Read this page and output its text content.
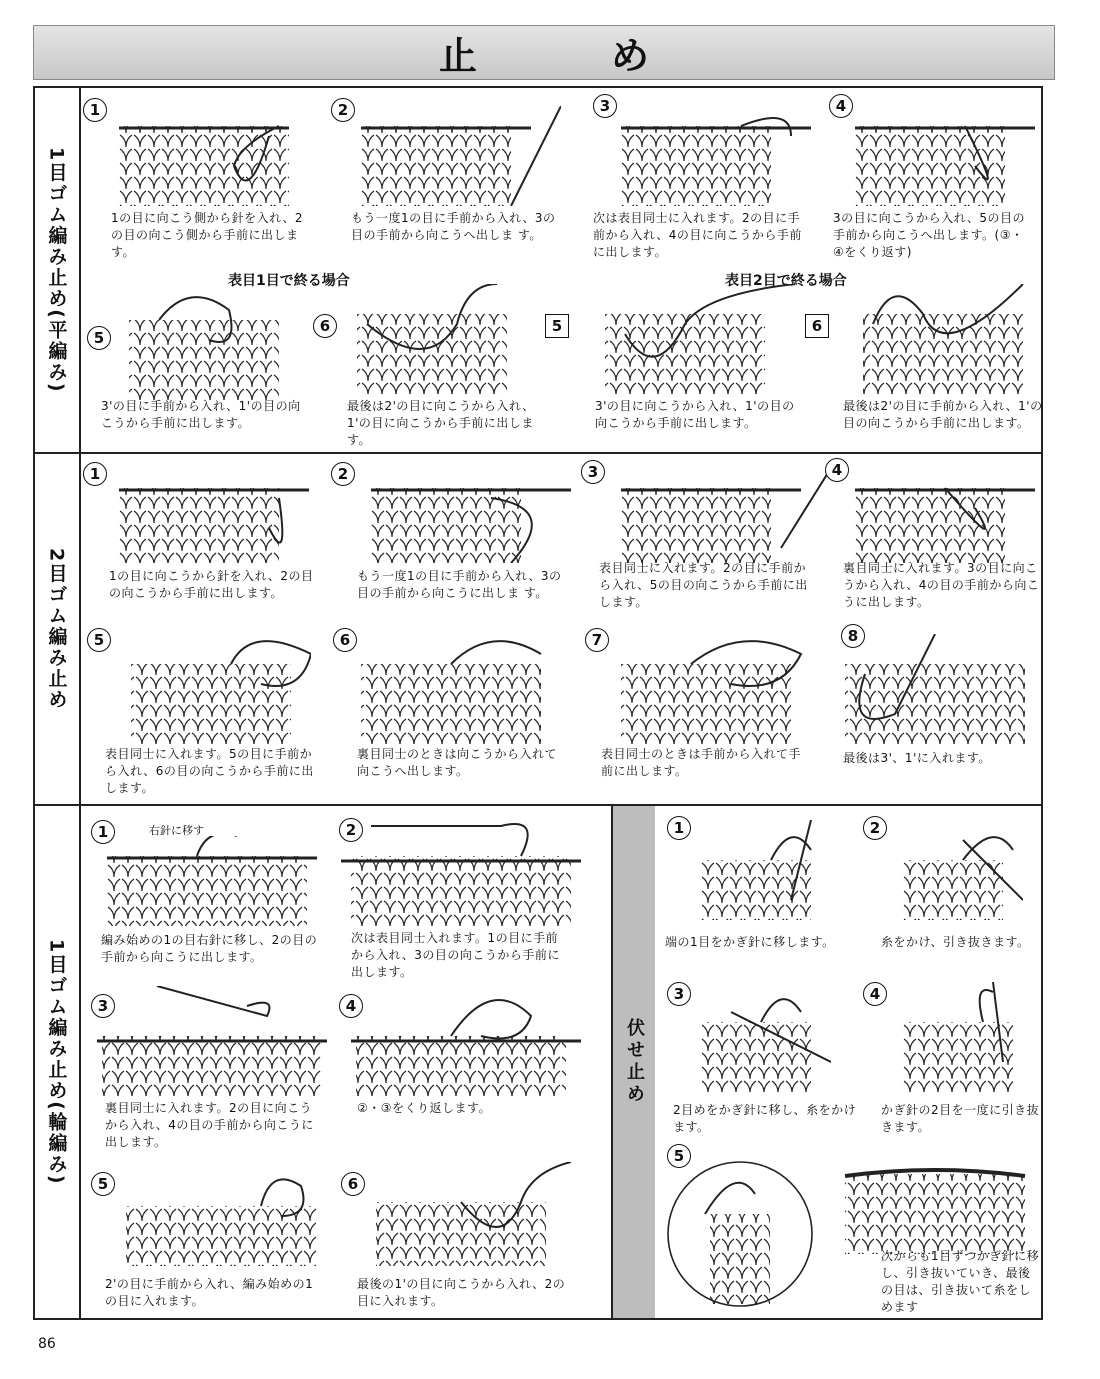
止　め
1目ゴム編み止め(平編み)	表目1目で終る場合	表目2目で終る場合
1
1の目に向こう側から針を入れ、2の目の向こう側から手前に出します。
2
もう一度1の目に手前から入れ、3の目の手前から向こうへ出しま す。
3
次は表目同士に入れます。2の目に手前から入れ、4の目に向こうから手前に出します。
4
3の目に向こうから入れ、5の目の手前から向こうへ出します。(③・④をくり返す)
5
3'の目に手前から入れ、1'の目の向こうから手前に出します。
6
最後は2'の目に向こうから入れ、1'の目に向こうから手前に出しま す。
5
3'の目に向こうから入れ、1'の目の向こうから手前に出します。
6
最後は2'の目に手前から入れ、1'の目の向こうから手前に出します。
2目ゴム編み止め
1
1の目に向こうから針を入れ、2の目の向こうから手前に出します。
2
もう一度1の目に手前から入れ、3の目の手前から向こうに出しま す。
3
表目同士に入れます。2の目に手前から入れ、5の目の向こうから手前に出します。
4
裏目同士に入れます。3の目に向こうから入れ、4の目の手前から向こうに出します。
5
表目同士に入れます。5の目に手前から入れ、6の目の向こうから手前に出します。
6
裏目同士のときは向こうから入れて向こうへ出します。
7
表目同士のときは手前から入れて手前に出します。
8
最後は3'、1'に入れます。
1目ゴム編み止め(輪編み)
1	右針に移す
編み始めの1の目右針に移し、2の目の手前から向こうに出します。
2
次は表目同士入れます。1の目に手前から入れ、3の目の向こうから手前に出します。
3
裏目同士に入れます。2の目に向こうから入れ、4の目の手前から向こうに出します。
4
②・③をくり返します。
5
2'の目に手前から入れ、編み始めの1の目に入れます。
6
最後の1'の目に向こうから入れ、2の目に入れます。
伏せ止め
1
端の1目をかぎ針に移します。
2
糸をかけ、引き抜きます。
3
2目めをかぎ針に移し、糸をかけます。
4
かぎ針の2目を一度に引き抜きます。
5
次からも1目ずつかぎ針に移し、引き抜いていき、最後の目は、引き抜いて糸をしめます
86
